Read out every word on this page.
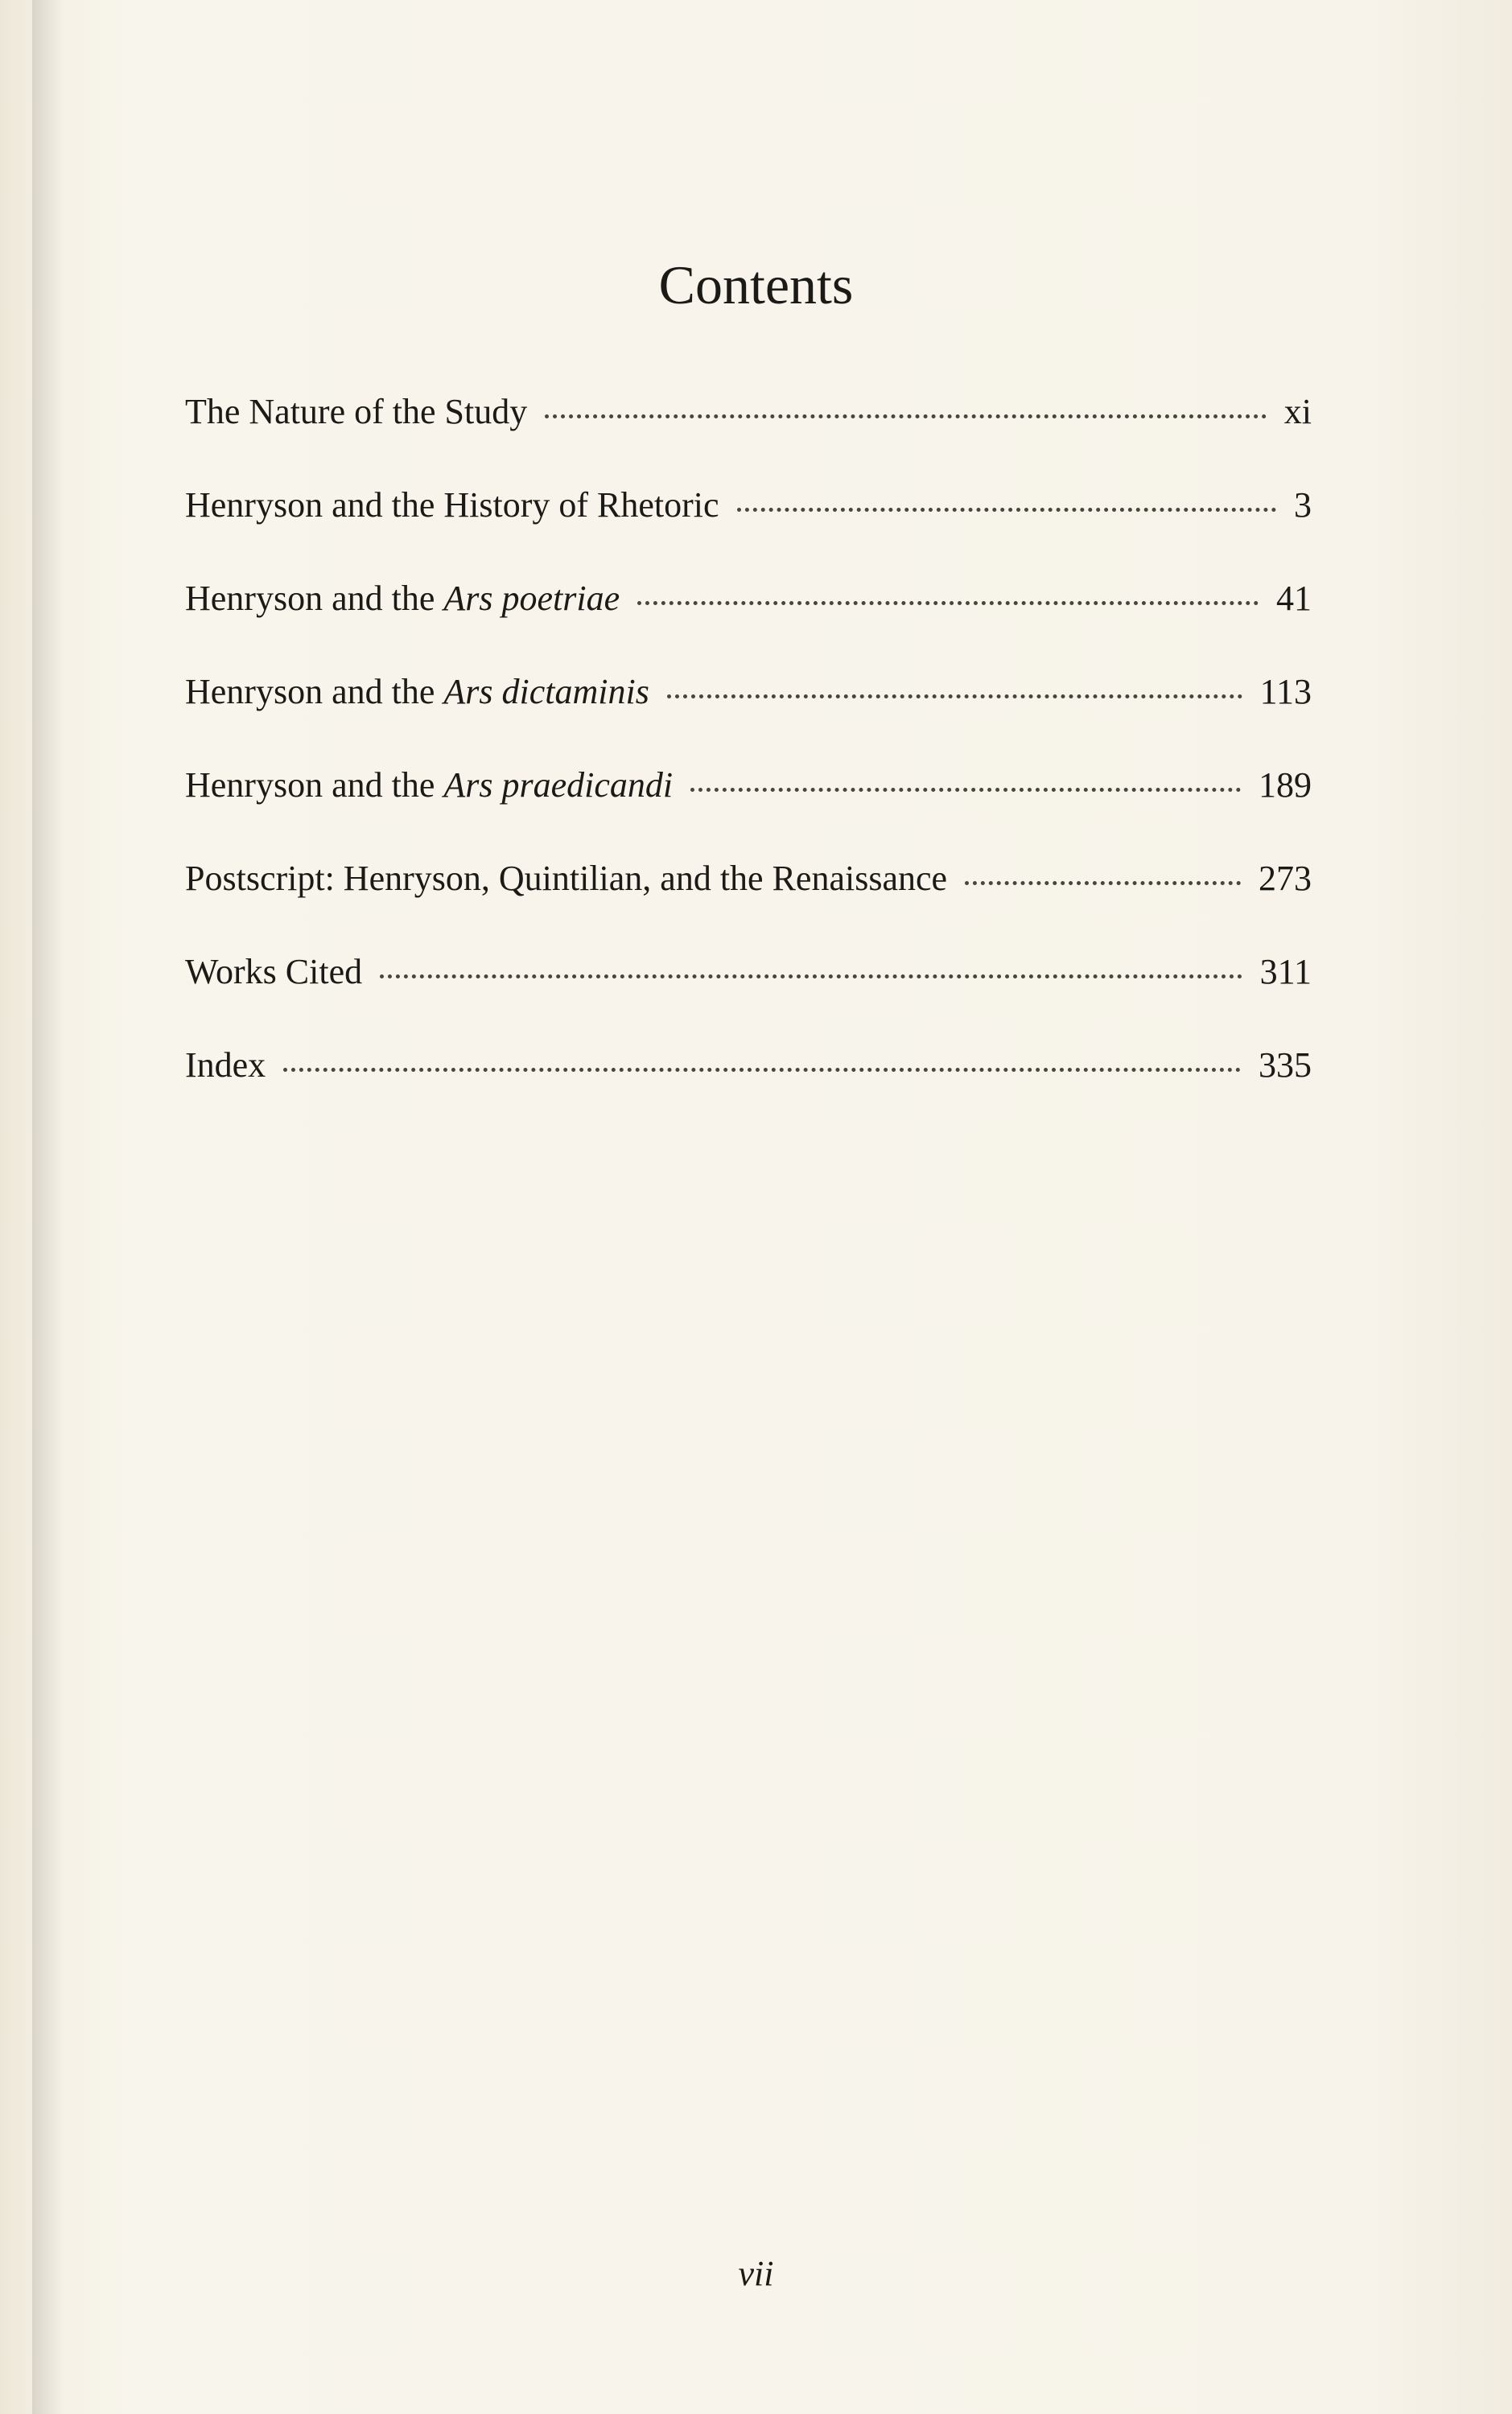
Contents
The Nature of the Study	xi
Henryson and the History of Rhetoric	3
Henryson and the Ars poetriae	41
Henryson and the Ars dictaminis	113
Henryson and the Ars praedicandi	189
Postscript: Henryson, Quintilian, and the Renaissance	273
Works Cited	311
Index	335
vii
